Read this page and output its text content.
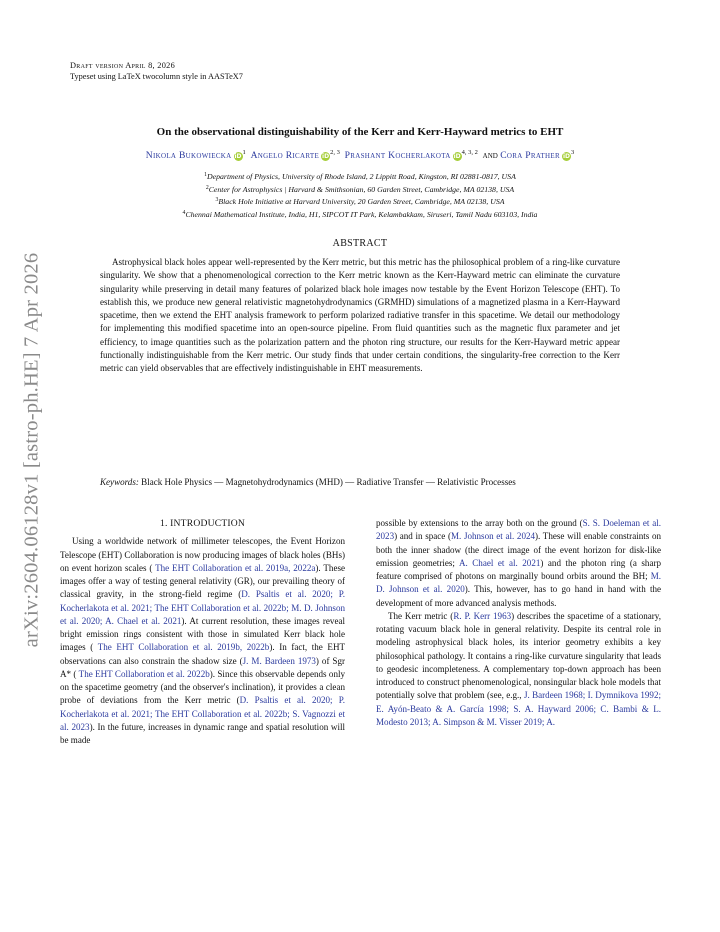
arXiv:2604.06128v1 [astro-ph.HE] 7 Apr 2026
Draft version April 8, 2026
Typeset using LaTeX twocolumn style in AASTeX7
On the observational distinguishability of the Kerr and Kerr-Hayward metrics to EHT
Nikola Bukowiecka $iD^1$ Angelo Ricarte iD$^{2, 3}$ Prashant Kocherlakota iD$^{4, 3, 2}$ and Cora Prather $iD^3$
$^1$Department of Physics, University of Rhode Island, 2 Lippitt Road, Kingston, RI 02881-0817, USA
$^2$Center for Astrophysics | Harvard & Smithsonian, 60 Garden Street, Cambridge, MA 02138, USA
$^3$Black Hole Initiative at Harvard University, 20 Garden Street, Cambridge, MA 02138, USA
$^4$Chennai Mathematical Institute, India, H1, SIPCOT IT Park, Kelambakkam, Siruseri, Tamil Nadu 603103, India
ABSTRACT

Astrophysical black holes appear well-represented by the Kerr metric, but this metric has the philosophical problem of a ring-like curvature singularity. We show that a phenomenological correction to the Kerr metric known as the Kerr-Hayward metric can eliminate the curvature singularity while preserving in detail many features of polarized black hole images now testable by the Event Horizon Telescope (EHT). To establish this, we produce new general relativistic magnetohydrodynamics (GRMHD) simulations of a magnetized plasma in a Kerr-Hayward spacetime, then we extend the EHT analysis framework to perform polarized radiative transfer in this spacetime. We detail our methodology for implementing this modified spacetime into an open-source pipeline. From fluid quantities such as the magnetic flux parameter and jet efficiency, to image quantities such as the polarization pattern and the photon ring structure, our results for the Kerr-Hayward metric appear functionally indistinguishable from the Kerr metric. Our study finds that under certain conditions, the singularity-free correction to the Kerr metric can yield observables that are effectively indistinguishable in EHT measurements.

Keywords: Black Hole Physics — Magnetohydrodynamics (MHD) — Radiative Transfer — Relativistic Processes
1. INTRODUCTION

Using a worldwide network of millimeter telescopes, the Event Horizon Telescope (EHT) Collaboration is now producing images of black holes (BHs) on event horizon scales ( The EHT Collaboration et al. 2019a, 2022a). These images offer a way of testing general relativity (GR), our prevailing theory of classical gravity, in the strong-field regime (D. Psaltis et al. 2020; P. Kocherlakota et al. 2021; The EHT Collaboration et al. 2022b; M. D. Johnson et al. 2020; A. Chael et al. 2021). At current resolution, these images reveal bright emission rings consistent with those in simulated Kerr black hole images ( The EHT Collaboration et al. 2019b, 2022b). In fact, the EHT observations can also constrain the shadow size (J. M. Bardeen 1973) of Sgr A* ( The EHT Collaboration et al. 2022b). Since this observable depends only on the spacetime geometry (and the observer's inclination), it provides a clean probe of deviations from the Kerr metric (D. Psaltis et al. 2020; P. Kocherlakota et al. 2021; The EHT Collaboration et al. 2022b; S. Vagnozzi et al. 2023). In the future, increases in dynamic range and spatial resolution will be made

possible by extensions to the array both on the ground (S. S. Doeleman et al. 2023) and in space (M. Johnson et al. 2024). These will enable constraints on both the inner shadow (the direct image of the event horizon for disk-like emission geometries; A. Chael et al. 2021) and the photon ring (a sharp feature comprised of photons on marginally bound orbits around the BH; M. D. Johnson et al. 2020). This, however, has to go hand in hand with the development of more advanced analysis methods.

The Kerr metric (R. P. Kerr 1963) describes the spacetime of a stationary, rotating vacuum black hole in general relativity. Despite its central role in modeling astrophysical black holes, its interior geometry exhibits a key philosophical pathology. It contains a ring-like curvature singularity that leads to geodesic incompleteness. A complementary top-down approach has been introduced to construct phenomenological, nonsingular black hole models that potentially solve that problem (see, e.g., J. Bardeen 1968; I. Dymnikova 1992; E. Ayón-Beato & A. García 1998; S. A. Hayward 2006; C. Bambi & L. Modesto 2013; A. Simpson & M. Visser 2019; A.
